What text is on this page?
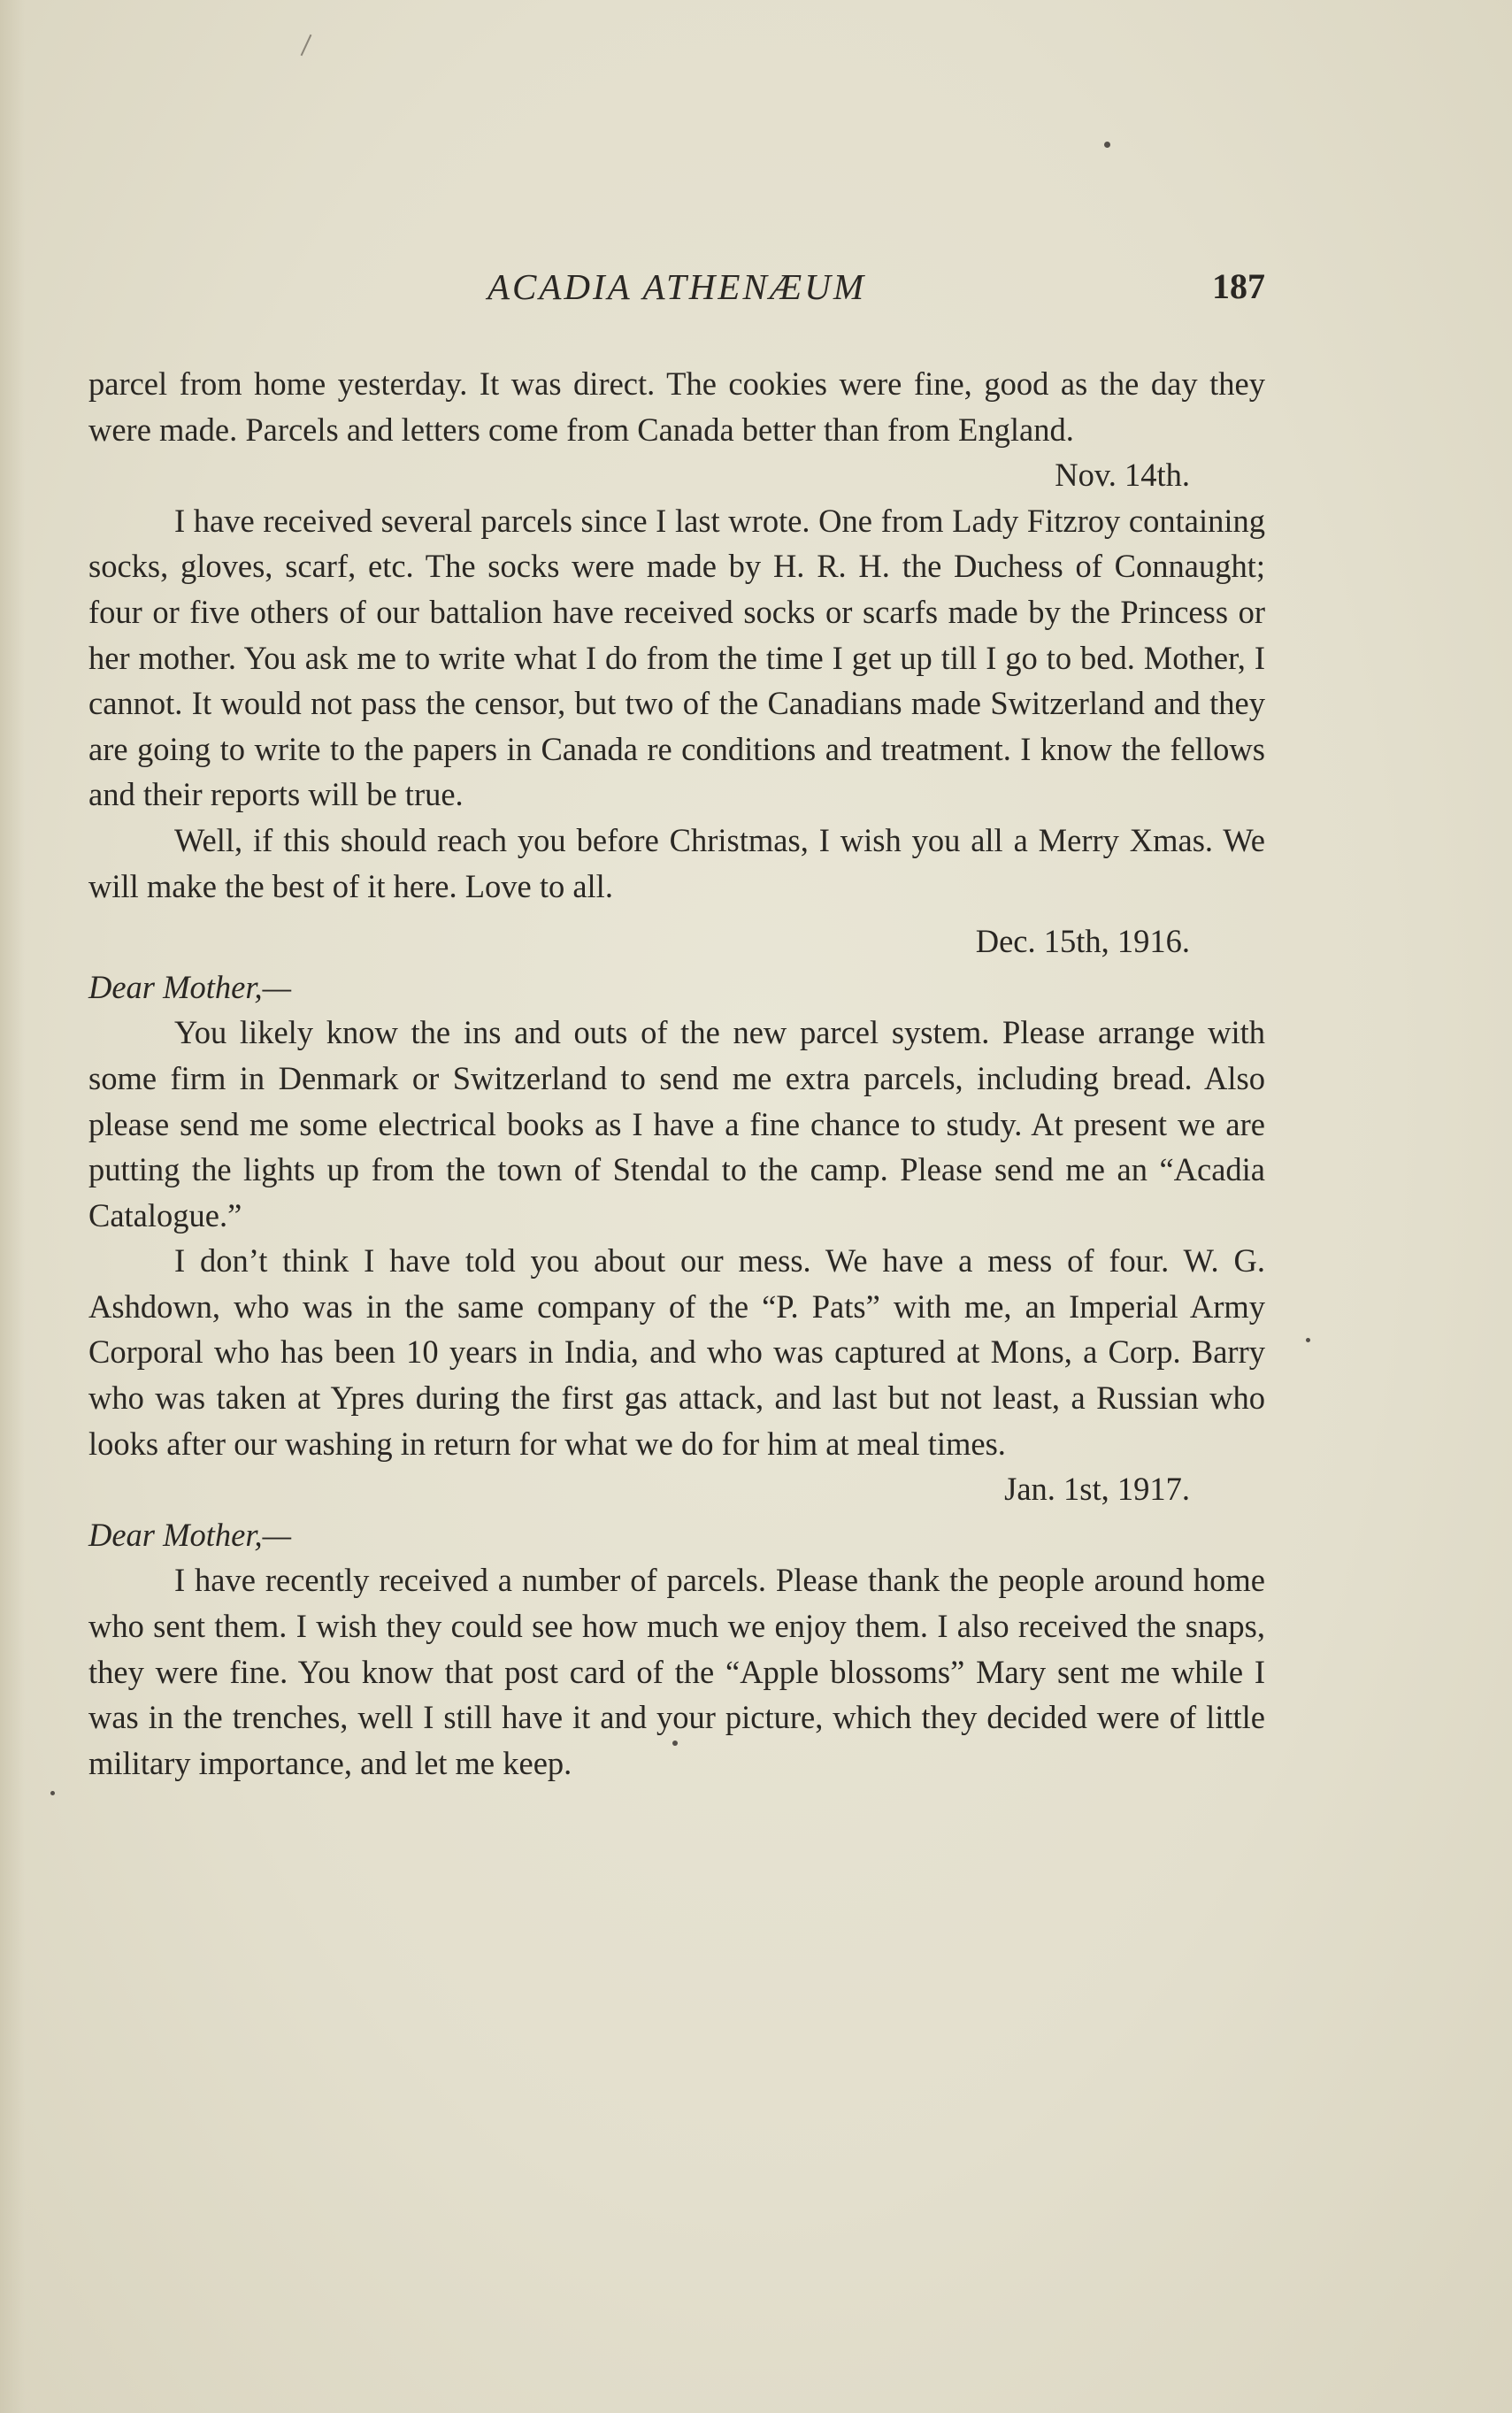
ACADIA ATHENÆUM	187

parcel from home yesterday. It was direct. The cookies were fine, good as the day they were made. Parcels and letters come from Canada better than from England.

Nov. 14th.

I have received several parcels since I last wrote. One from Lady Fitzroy containing socks, gloves, scarf, etc. The socks were made by H. R. H. the Duchess of Connaught; four or five others of our battalion have received socks or scarfs made by the Princess or her mother. You ask me to write what I do from the time I get up till I go to bed. Mother, I cannot. It would not pass the censor, but two of the Canadians made Switzerland and they are going to write to the papers in Canada re conditions and treatment. I know the fellows and their reports will be true.

Well, if this should reach you before Christmas, I wish you all a Merry Xmas. We will make the best of it here. Love to all.

Dec. 15th, 1916.

Dear Mother,—

You likely know the ins and outs of the new parcel system. Please arrange with some firm in Denmark or Switzerland to send me extra parcels, including bread. Also please send me some electrical books as I have a fine chance to study. At present we are putting the lights up from the town of Stendal to the camp. Please send me an “Acadia Catalogue.”

I don’t think I have told you about our mess. We have a mess of four. W. G. Ashdown, who was in the same company of the “P. Pats” with me, an Imperial Army Corporal who has been 10 years in India, and who was captured at Mons, a Corp. Barry who was taken at Ypres during the first gas attack, and last but not least, a Russian who looks after our washing in return for what we do for him at meal times.

Jan. 1st, 1917.

Dear Mother,—

I have recently received a number of parcels. Please thank the people around home who sent them. I wish they could see how much we enjoy them. I also received the snaps, they were fine. You know that post card of the “Apple blossoms” Mary sent me while I was in the trenches, well I still have it and your picture, which they decided were of little military importance, and let me keep.
